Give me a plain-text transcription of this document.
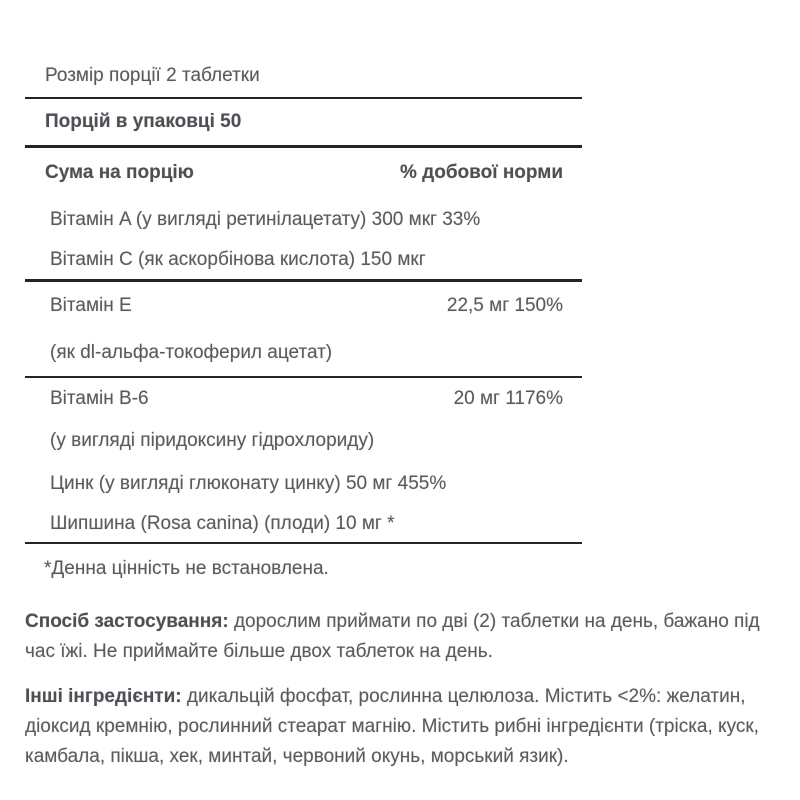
Розмір порції 2 таблетки
Порцій в упаковці 50
Сума на порцію	% добової норми
Вітамін A (у вигляді ретинілацетату) 300 мкг 33%
Вітамін C (як аскорбінова кислота) 150 мкг
Вітамін E	22,5 мг 150%
(як dl-альфа-токоферил ацетат)
Вітамін B-6	20 мг 1176%
(у вигляді піридоксину гідрохлориду)
Цинк (у вигляді глюконату цинку) 50 мг 455%
Шипшина (Rosa canina) (плоди) 10 мг *
*Денна цінність не встановлена.

Спосіб застосування: дорослим приймати по дві (2) таблетки на день, бажано під час їжі. Не приймайте більше двох таблеток на день.

Інші інгредієнти: дикальцій фосфат, рослинна целюлоза. Містить <2%: желатин, діоксид кремнію, рослинний стеарат магнію. Містить рибні інгредієнти (тріска, куск, камбала, пікша, хек, минтай, червоний окунь, морський язик).
